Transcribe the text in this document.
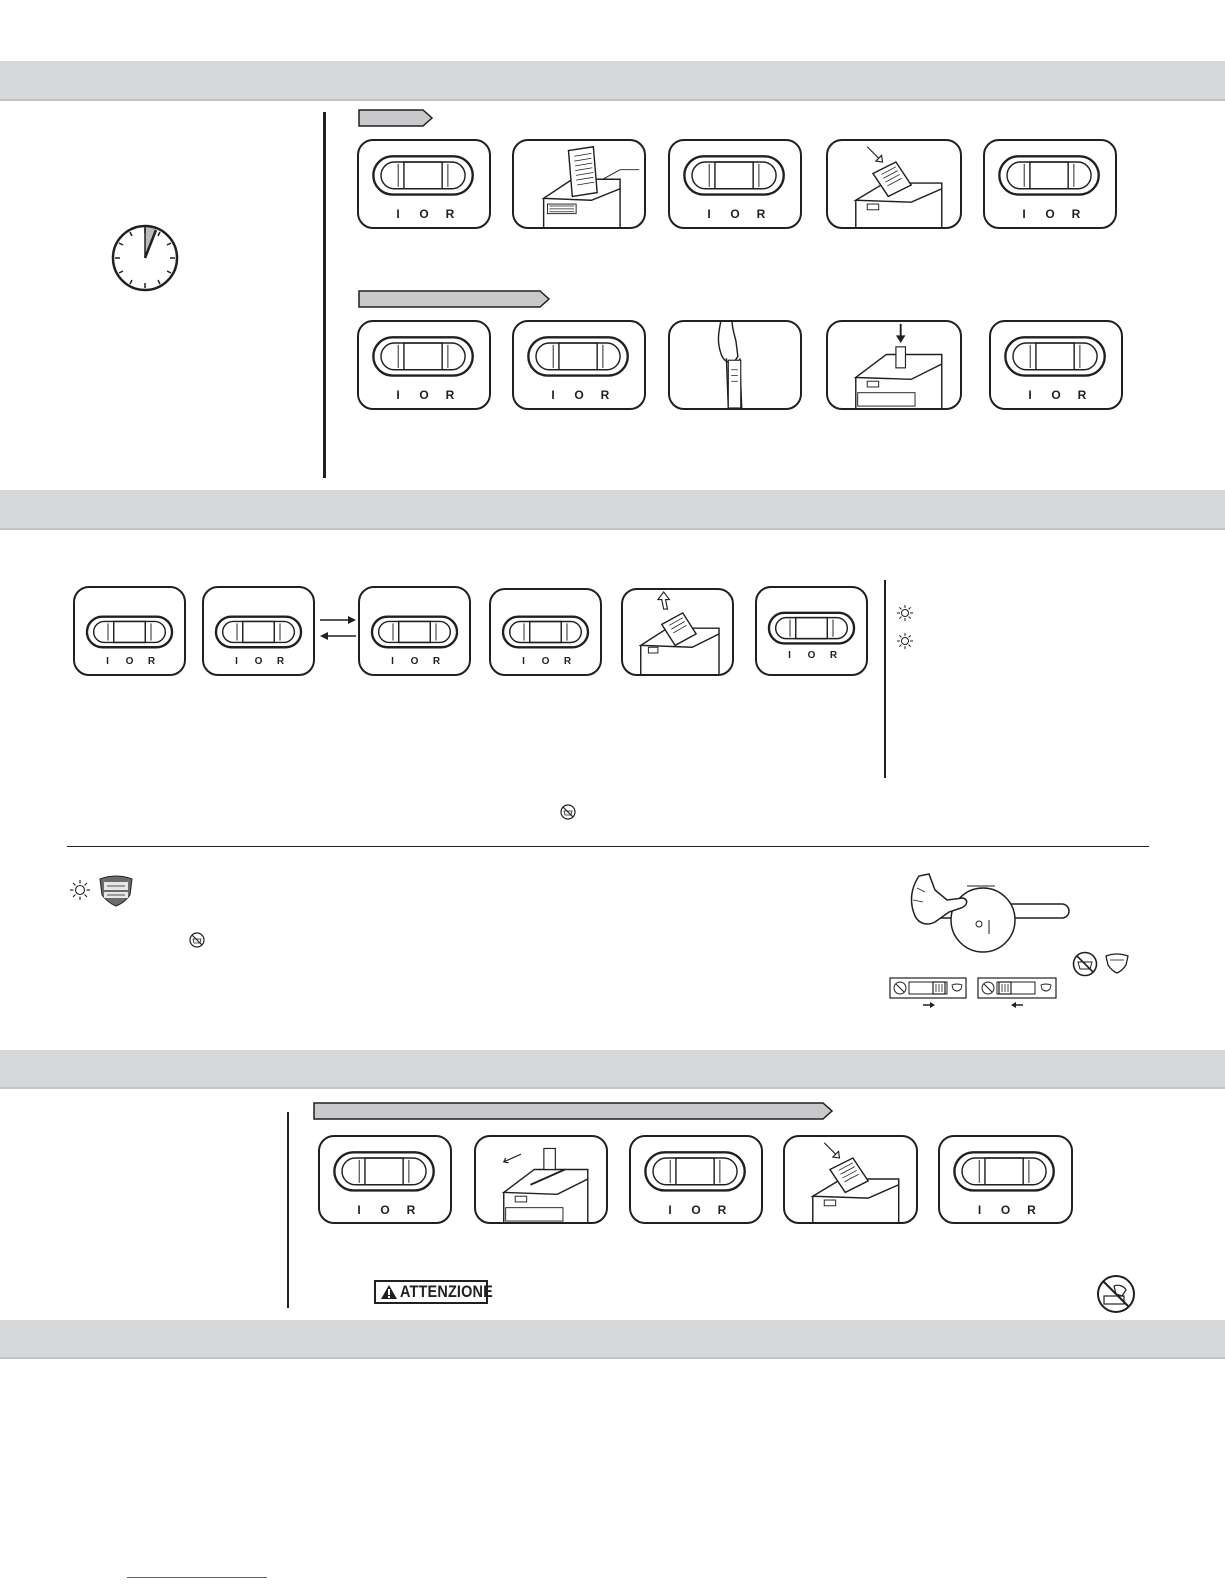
I	O	R	I	O	R	I	O	R
I	O	R	I	O	R	I	O	R
I	O	R	I	O	R	I	O	R	I	O	R
I	O	R
I	O	R	I	O	R	I	O	R
ATTENZIONE
